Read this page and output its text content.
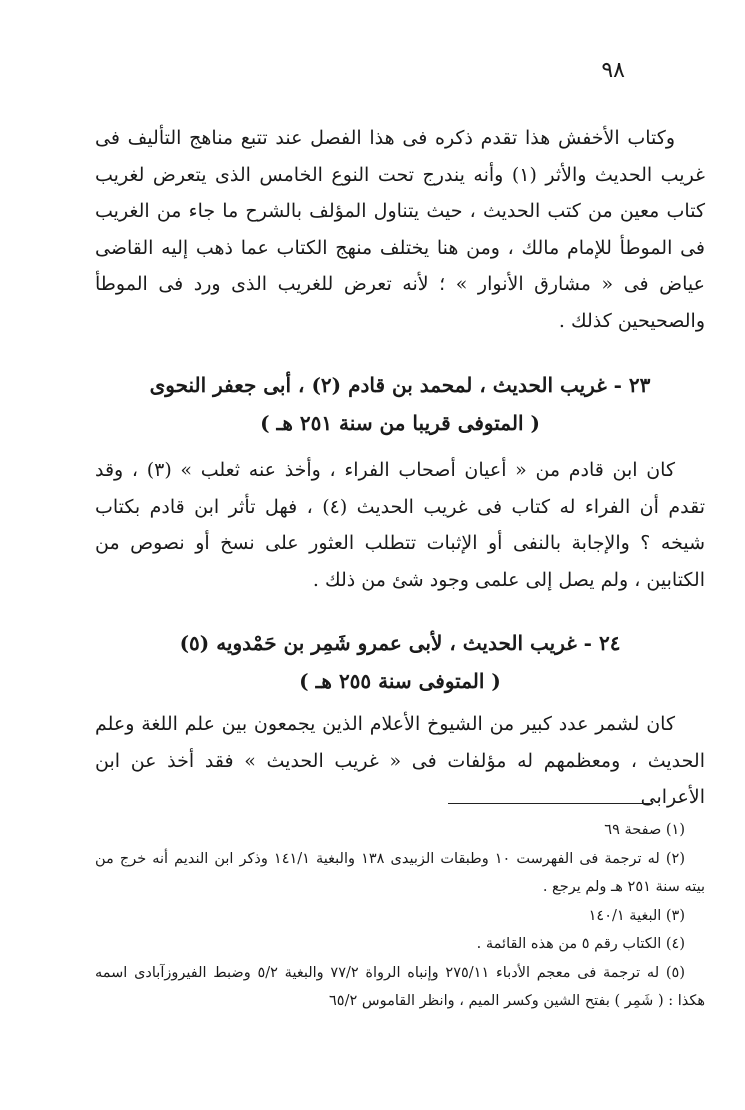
٩٨

وكتاب الأخفش هذا تقدم ذكره فى هذا الفصل عند تتبع مناهج التأليف فى غريب الحديث والأثر (١) وأنه يندرج تحت النوع الخامس الذى يتعرض لغريب كتاب معين من كتب الحديث ، حيث يتناول المؤلف بالشرح ما جاء من الغريب فى الموطأ للإمام مالك ، ومن هنا يختلف منهج الكتاب عما ذهب إليه القاضى عياض فى « مشارق الأنوار » ؛ لأنه تعرض للغريب الذى ورد فى الموطأ والصحيحين كذلك .

٢٣ - غريب الحديث ، لمحمد بن قادم (٢) ، أبى جعفر النحوى
( المتوفى قريبا من سنة ٢٥١ هـ )

كان ابن قادم من « أعيان أصحاب الفراء ، وأخذ عنه ثعلب » (٣) ، وقد تقدم أن الفراء له كتاب فى غريب الحديث (٤) ، فهل تأثر ابن قادم بكتاب شيخه ؟ والإجابة بالنفى أو الإثبات تتطلب العثور على نسخ أو نصوص من الكتابين ، ولم يصل إلى علمى وجود شئ من ذلك .

٢٤ - غريب الحديث ، لأبى عمرو شَمِر بن حَمْدويه (٥)
( المتوفى سنة ٢٥٥ هـ )

كان لشمر عدد كبير من الشيوخ الأعلام الذين يجمعون بين علم اللغة وعلم الحديث ، ومعظمهم له مؤلفات فى « غريب الحديث » فقد أخذ عن ابن الأعرابى

(١) صفحة ٦٩

(٢) له ترجمة فى الفهرست ١٠ وطبقات الزبيدى ١٣٨ والبغية ١٤١/١ وذكر ابن النديم أنه خرج من بيته سنة ٢٥١ هـ ولم يرجع .

(٣) البغية ١٤٠/١

(٤) الكتاب رقم ٥ من هذه القائمة .

(٥) له ترجمة فى معجم الأدباء ٢٧٥/١١ وإنباه الرواة ٧٧/٢ والبغية ٥/٢ وضبط الفيروزآبادى اسمه هكذا : ( شَمِر ) بفتح الشين وكسر الميم ، وانظر القاموس ٦٥/٢
